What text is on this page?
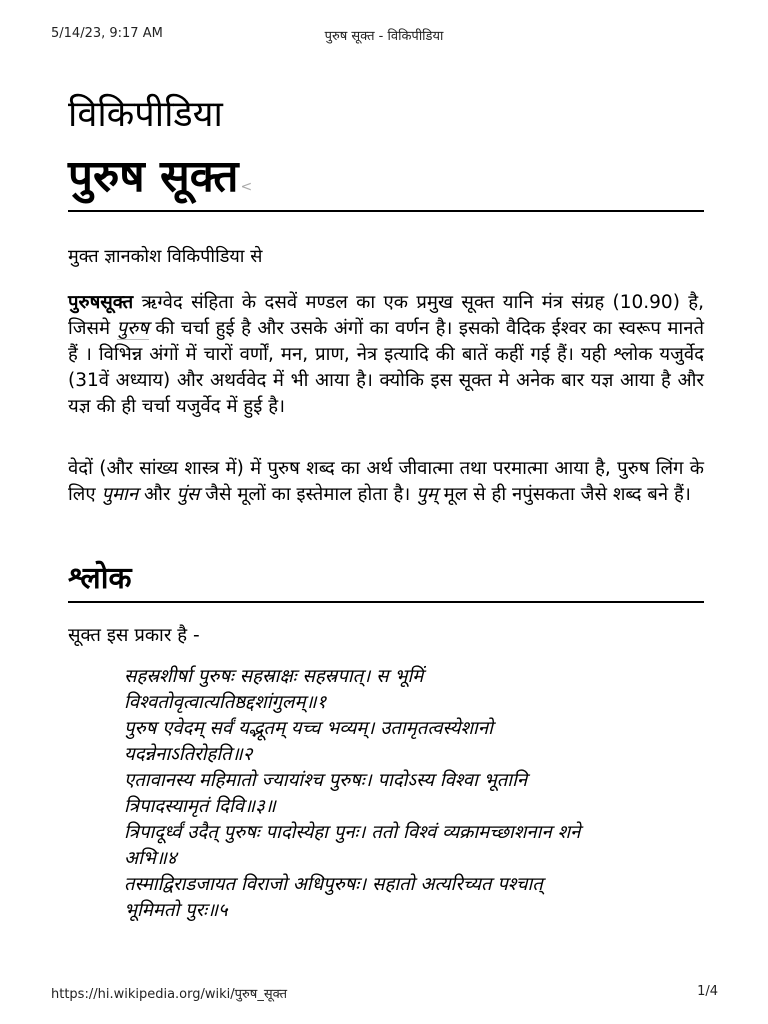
5/14/23, 9:17 AM	पुरुष सूक्त - विकिपीडिया
विकिपीडिया
पुरुष सूक्त <
मुक्त ज्ञानकोश विकिपीडिया से
पुरुषसूक्त ऋग्वेद संहिता के दसवें मण्डल का एक प्रमुख सूक्त यानि मंत्र संग्रह (10.90) है, जिसमे पुरुष की चर्चा हुई है और उसके अंगों का वर्णन है। इसको वैदिक ईश्वर का स्वरूप मानते हैं । विभिन्न अंगों में चारों वर्णों, मन, प्राण, नेत्र इत्यादि की बातें कहीं गई हैं। यही श्लोक यजुर्वेद (31वें अध्याय) और अथर्ववेद में भी आया है। क्योकि इस सूक्त मे अनेक बार यज्ञ आया है और यज्ञ की ही चर्चा यजुर्वेद में हुई है।
वेदों (और सांख्य शास्त्र में) में पुरुष शब्द का अर्थ जीवात्मा तथा परमात्मा आया है, पुरुष लिंग के लिए पुमान और पुंस जैसे मूलों का इस्तेमाल होता है। पुम् मूल से ही नपुंसकता जैसे शब्द बने हैं।
श्लोक
सूक्त इस प्रकार है -
सहस्रशीर्षा पुरुषः सहस्राक्षः सहस्रपात्। स भूमिं
विश्वतोवृत्वात्यतिष्ठद्दशांगुलम्॥१
पुरुष एवेदम् सर्वं यद्भूतम् यच्च भव्यम्। उतामृतत्वस्येशानो
यदन्नेनाऽतिरोहति॥२
एतावानस्य महिमातो ज्यायांश्च पुरुषः। पादोऽस्य विश्वा भूतानि
त्रिपादस्यामृतं दिवि॥३॥
त्रिपादूर्ध्वं उदैत् पुरुषः पादोस्येहा पुनः। ततो विश्वं व्यक्रामच्छाशनान शने
अभि॥४
तस्माद्विराडजायत विराजो अधिपुरुषः। सहातो अत्यरिच्यत पश्चात्
भूमिमतो पुरः॥५
https://hi.wikipedia.org/wiki/पुरुष_सूक्त	1/4
